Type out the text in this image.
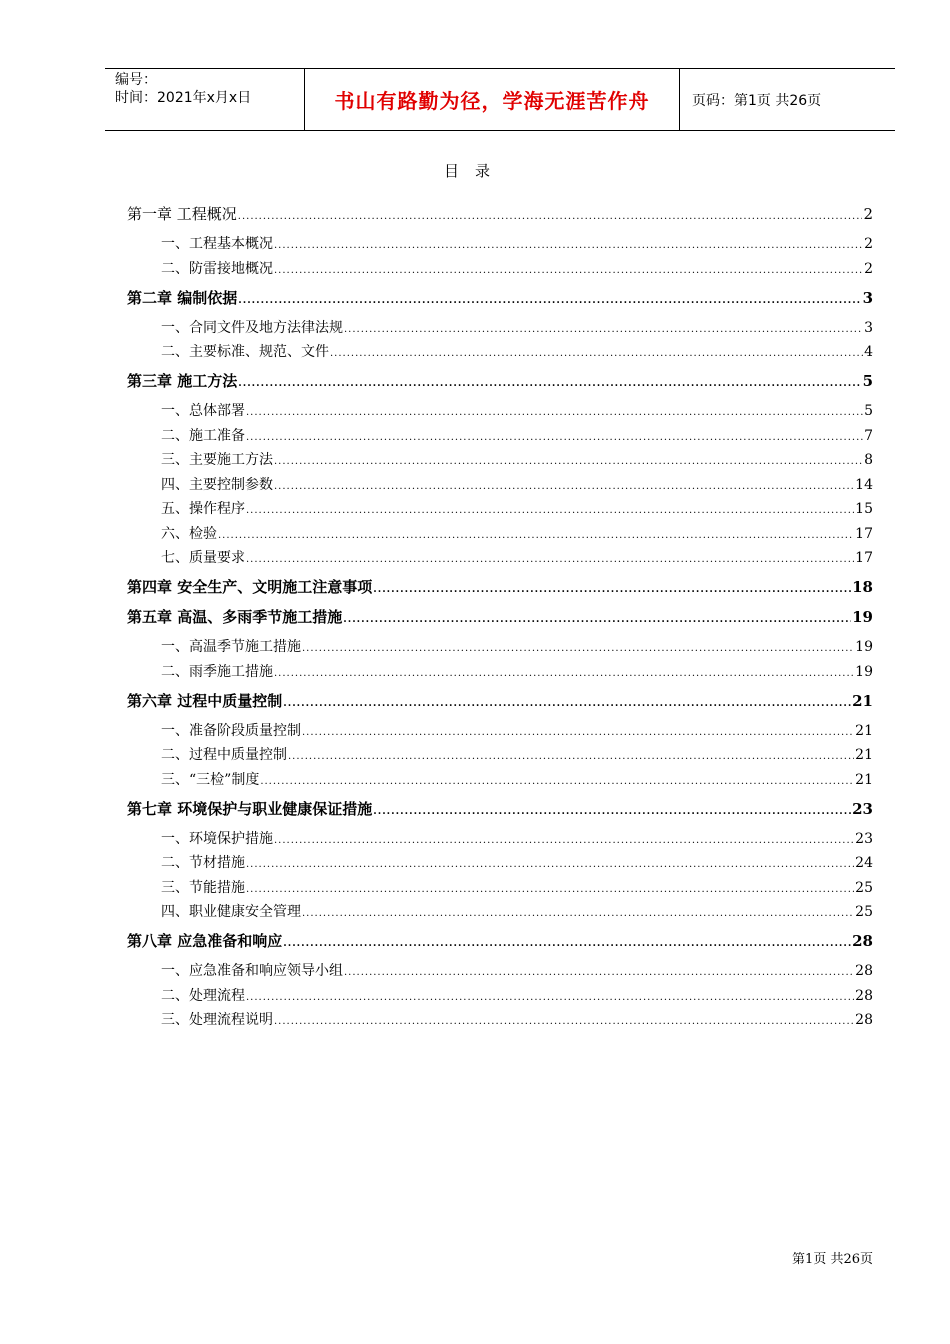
编号：
时间：2021年x月x日	书山有路勤为径，学海无涯苦作舟	页码：第1页 共26页
目录
第一章 工程概况 .....	2
一、工程基本概况 .....	2
二、防雷接地概况 .....	2
第二章 编制依据 .....	3
一、合同文件及地方法律法规 .....	3
二、主要标准、规范、文件 .....	4
第三章 施工方法 .....	5
一、总体部署 .....	5
二、施工准备 .....	7
三、主要施工方法 .....	8
四、主要控制参数 .....	14
五、操作程序 .....	15
六、检验 .....	17
七、质量要求 .....	17
第四章 安全生产、文明施工注意事项 .....	18
第五章 高温、多雨季节施工措施 .....	19
一、高温季节施工措施 .....	19
二、雨季施工措施 .....	19
第六章 过程中质量控制 .....	21
一、准备阶段质量控制 .....	21
二、过程中质量控制 .....	21
三、“三检”制度 .....	21
第七章 环境保护与职业健康保证措施 .....	23
一、环境保护措施 .....	23
二、节材措施 .....	24
三、节能措施 .....	25
四、职业健康安全管理 .....	25
第八章 应急准备和响应 .....	28
一、应急准备和响应领导小组 .....	28
二、处理流程 .....	28
三、处理流程说明 .....	28
第1页 共26页
